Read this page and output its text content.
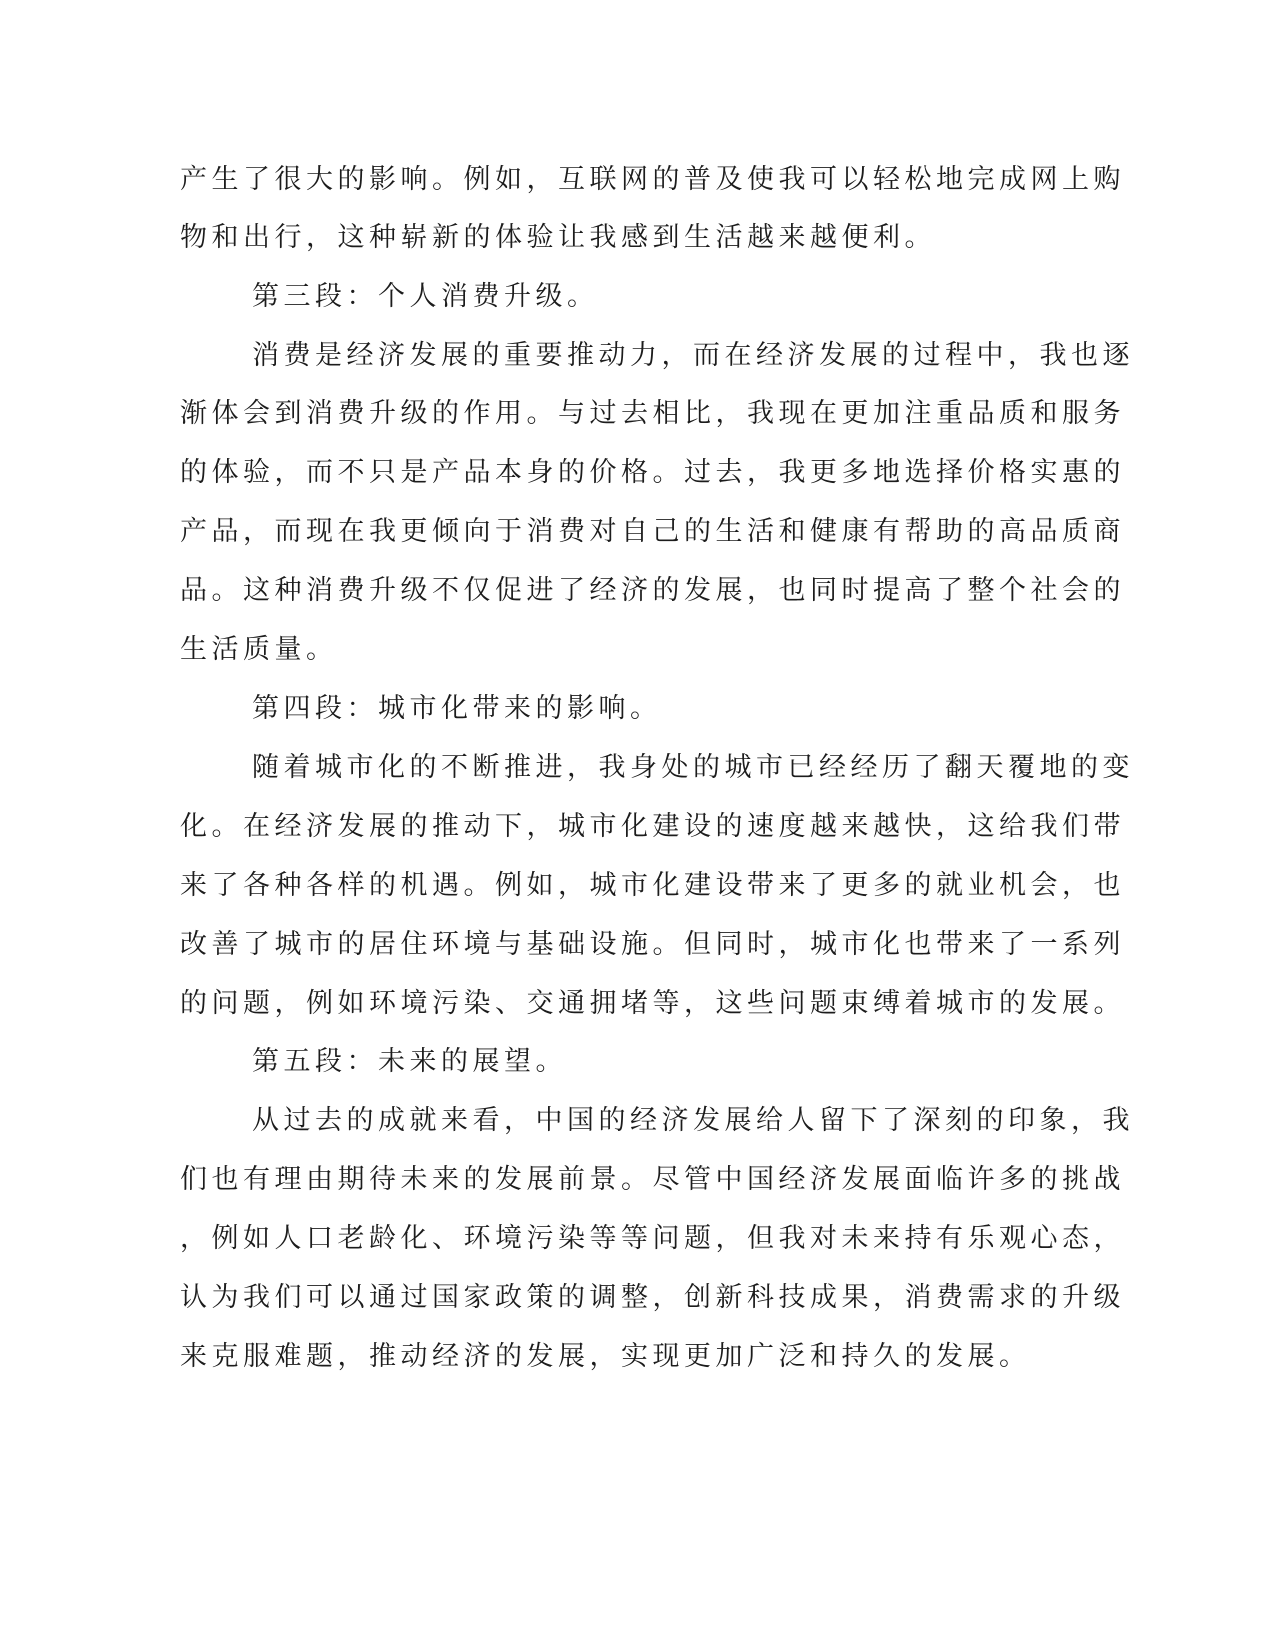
产生了很大的影响。例如，互联网的普及使我可以轻松地完成网上购
物和出行，这种崭新的体验让我感到生活越来越便利。
第三段：个人消费升级。
消费是经济发展的重要推动力，而在经济发展的过程中，我也逐
渐体会到消费升级的作用。与过去相比，我现在更加注重品质和服务
的体验，而不只是产品本身的价格。过去，我更多地选择价格实惠的
产品，而现在我更倾向于消费对自己的生活和健康有帮助的高品质商
品。这种消费升级不仅促进了经济的发展，也同时提高了整个社会的
生活质量。
第四段：城市化带来的影响。
随着城市化的不断推进，我身处的城市已经经历了翻天覆地的变
化。在经济发展的推动下，城市化建设的速度越来越快，这给我们带
来了各种各样的机遇。例如，城市化建设带来了更多的就业机会，也
改善了城市的居住环境与基础设施。但同时，城市化也带来了一系列
的问题，例如环境污染、交通拥堵等，这些问题束缚着城市的发展。
第五段：未来的展望。
从过去的成就来看，中国的经济发展给人留下了深刻的印象，我
们也有理由期待未来的发展前景。尽管中国经济发展面临许多的挑战
，例如人口老龄化、环境污染等等问题，但我对未来持有乐观心态，
认为我们可以通过国家政策的调整，创新科技成果，消费需求的升级
来克服难题，推动经济的发展，实现更加广泛和持久的发展。
